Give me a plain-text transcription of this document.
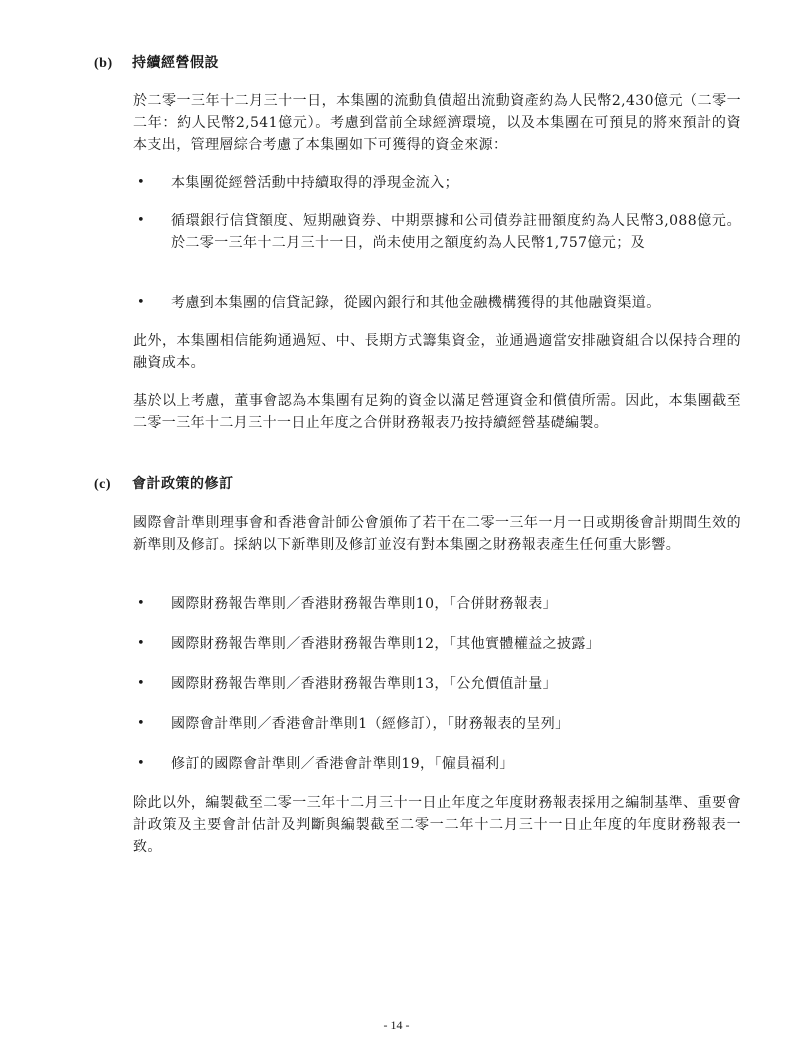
(b) 持續經營假設

於二零一三年十二月三十一日，本集團的流動負債超出流動資產約為人民幣2,430億元（二零一二年：約人民幣2,541億元）。考慮到當前全球經濟環境，以及本集團在可預見的將來預計的資本支出，管理層綜合考慮了本集團如下可獲得的資金來源：

• 本集團從經營活動中持續取得的淨現金流入；
• 循環銀行信貸額度、短期融資券、中期票據和公司債券註冊額度約為人民幣3,088億元。於二零一三年十二月三十一日，尚未使用之額度約為人民幣1,757億元；及
• 考慮到本集團的信貸記錄，從國內銀行和其他金融機構獲得的其他融資渠道。

此外，本集團相信能夠通過短、中、長期方式籌集資金，並通過適當安排融資組合以保持合理的融資成本。

基於以上考慮，董事會認為本集團有足夠的資金以滿足營運資金和償債所需。因此，本集團截至二零一三年十二月三十一日止年度之合併財務報表乃按持續經營基礎編製。

(c) 會計政策的修訂

國際會計準則理事會和香港會計師公會頒佈了若干在二零一三年一月一日或期後會計期間生效的新準則及修訂。採納以下新準則及修訂並沒有對本集團之財務報表產生任何重大影響。

• 國際財務報告準則／香港財務報告準則10，「合併財務報表」
• 國際財務報告準則／香港財務報告準則12，「其他實體權益之披露」
• 國際財務報告準則／香港財務報告準則13，「公允價值計量」
• 國際會計準則／香港會計準則1（經修訂），「財務報表的呈列」
• 修訂的國際會計準則／香港會計準則19，「僱員福利」

除此以外，編製截至二零一三年十二月三十一日止年度之年度財務報表採用之編制基準、重要會計政策及主要會計估計及判斷與編製截至二零一二年十二月三十一日止年度的年度財務報表一致。

- 14 -
